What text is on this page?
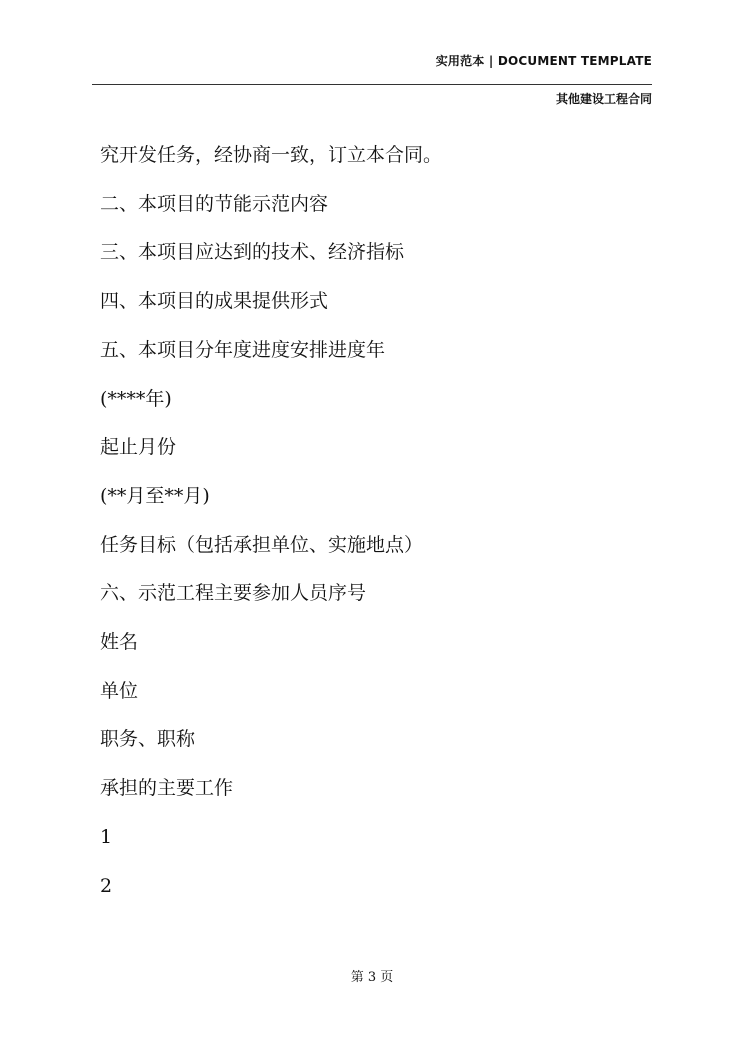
实用范本 | DOCUMENT TEMPLATE
其他建设工程合同
究开发任务，经协商一致，订立本合同。
二、本项目的节能示范内容
三、本项目应达到的技术、经济指标
四、本项目的成果提供形式
五、本项目分年度进度安排进度年
(****年)
起止月份
(**月至**月)
任务目标（包括承担单位、实施地点）
六、示范工程主要参加人员序号
姓名
单位
职务、职称
承担的主要工作
1
2
第 3 页
